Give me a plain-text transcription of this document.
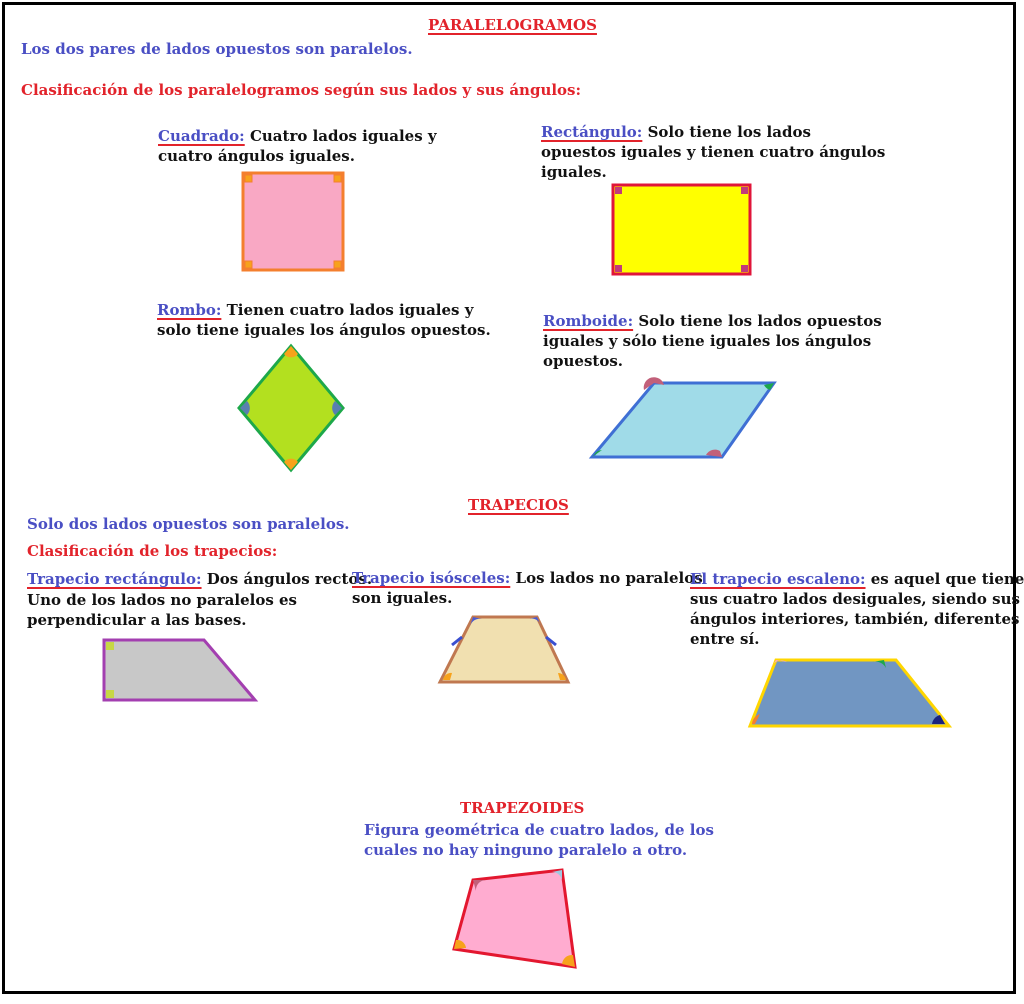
PARALELOGRAMOS
Los dos pares de lados opuestos son paralelos.
Clasificación de los paralelogramos según sus lados y sus ángulos:
Cuadrado: Cuatro lados iguales y
cuatro ángulos iguales.
Rectángulo: Solo tiene los lados
opuestos iguales y tienen cuatro ángulos
iguales.
Rombo: Tienen cuatro lados iguales y
solo tiene iguales los ángulos opuestos.	Romboide: Solo tiene los lados opuestos
iguales y sólo tiene iguales los ángulos
opuestos.
TRAPECIOS
Solo dos lados opuestos son paralelos.
Clasificación de los trapecios:
Trapecio rectángulo: Dos ángulos rectos.
Uno de los lados no paralelos es
perpendicular a las bases.
Trapecio isósceles: Los lados no paralelos
son iguales.
El trapecio escaleno: es aquel que tiene
sus cuatro lados desiguales, siendo sus
ángulos interiores, también, diferentes
entre sí.
TRAPEZOIDES
Figura geométrica de cuatro lados, de los
cuales no hay ninguno paralelo a otro.
